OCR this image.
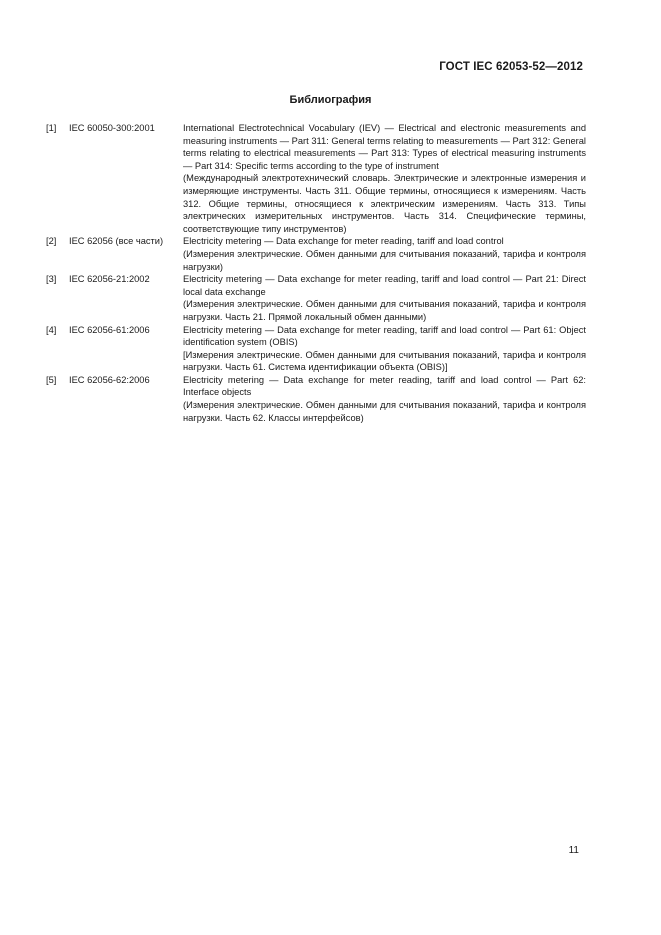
ГОСТ IEC 62053-52—2012
Библиография
[1]	IEC 60050-300:2001	International Electrotechnical Vocabulary (IEV) — Electrical and electronic measurements and measuring instruments — Part 311: General terms relating to measurements — Part 312: General terms relating to electrical measurements — Part 313: Types of electrical measuring instruments — Part 314: Specific terms according to the type of instrument

(Международный электротехнический словарь. Электрические и электронные измерения и измеряющие инструменты. Часть 311. Общие термины, относящиеся к измерениям. Часть 312. Общие термины, относящиеся к электрическим измерениям. Часть 313. Типы электрических измерительных инструментов. Часть 314. Специфические термины, соответствующие типу инструментов)

[2]	IEC 62056 (все части)	Electricity metering — Data exchange for meter reading, tariff and load control

(Измерения электрические. Обмен данными для считывания показаний, тарифа и контроля нагрузки)

[3]	IEC 62056-21:2002	Electricity metering — Data exchange for meter reading, tariff and load control — Part 21: Direct local data exchange

(Измерения электрические. Обмен данными для считывания показаний, тарифа и контроля нагрузки. Часть 21. Прямой локальный обмен данными)

[4]	IEC 62056-61:2006	Electricity metering — Data exchange for meter reading, tariff and load control — Part 61: Object identification system (OBIS)

[Измерения электрические. Обмен данными для считывания показаний, тарифа и контроля нагрузки. Часть 61. Система идентификации объекта (OBIS)]

[5]	IEC 62056-62:2006	Electricity metering — Data exchange for meter reading, tariff and load control — Part 62: Interface objects

(Измерения электрические. Обмен данными для считывания показаний, тарифа и контроля нагрузки. Часть 62. Классы интерфейсов)

11
